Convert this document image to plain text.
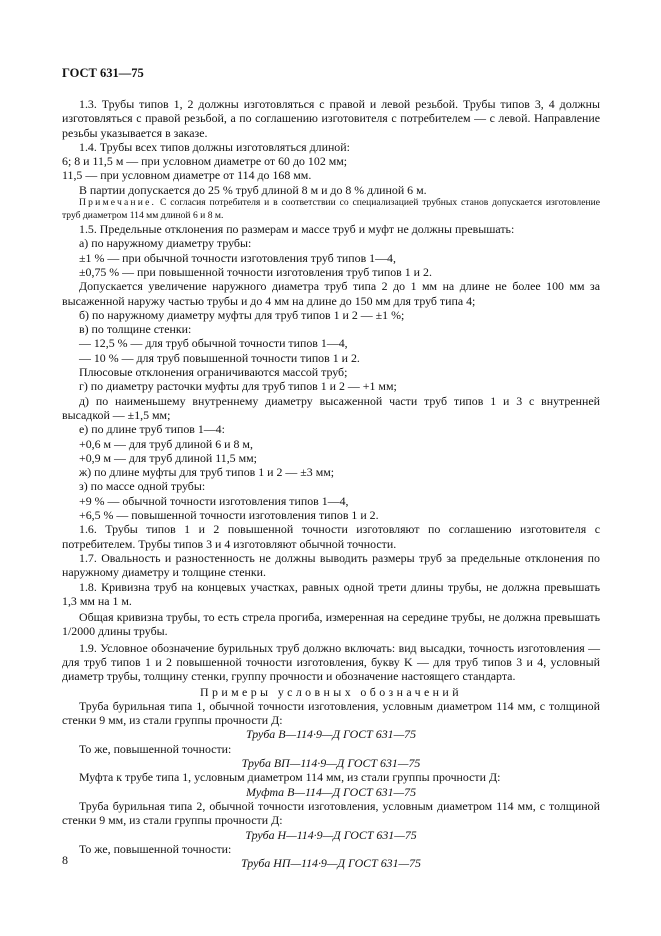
ГОСТ 631—75

1.3. Трубы типов 1, 2 должны изготовляться с правой и левой резьбой. Трубы типов 3, 4 должны изготовляться с правой резьбой, а по соглашению изготовителя с потребителем — с левой. Направление резьбы указывается в заказе.

1.4. Трубы всех типов должны изготовляться длиной:

6; 8 и 11,5 м — при условном диаметре от 60 до 102 мм;

11,5 — при условном диаметре от 114 до 168 мм.

В партии допускается до 25 % труб длиной 8 м и до 8 % длиной 6 м.

Примечание. С согласия потребителя и в соответствии со специализацией трубных станов допускается изготовление труб диаметром 114 мм длиной 6 и 8 м.

1.5. Предельные отклонения по размерам и массе труб и муфт не должны превышать:

а) по наружному диаметру трубы:

±1 % — при обычной точности изготовления труб типов 1—4,

±0,75 % — при повышенной точности изготовления труб типов 1 и 2.

Допускается увеличение наружного диаметра труб типа 2 до 1 мм на длине не более 100 мм за высаженной наружу частью трубы и до 4 мм на длине до 150 мм для труб типа 4;

б) по наружному диаметру муфты для труб типов 1 и 2 — ±1 %;

в) по толщине стенки:

— 12,5 % — для труб обычной точности типов 1—4,

— 10 % — для труб повышенной точности типов 1 и 2.

Плюсовые отклонения ограничиваются массой труб;

г) по диаметру расточки муфты для труб типов 1 и 2 — +1 мм;

д) по наименьшему внутреннему диаметру высаженной части труб типов 1 и 3 с внутренней высадкой — ±1,5 мм;

е) по длине труб типов 1—4:

+0,6 м — для труб длиной 6 и 8 м,

+0,9 м — для труб длиной 11,5 мм;

ж) по длине муфты для труб типов 1 и 2 — ±3 мм;

з) по массе одной трубы:

+9 % — обычной точности изготовления типов 1—4,

+6,5 % — повышенной точности изготовления типов 1 и 2.

1.6. Трубы типов 1 и 2 повышенной точности изготовляют по соглашению изготовителя с потребителем. Трубы типов 3 и 4 изготовляют обычной точности.

1.7. Овальность и разностенность не должны выводить размеры труб за предельные отклонения по наружному диаметру и толщине стенки.

1.8. Кривизна труб на концевых участках, равных одной трети длины трубы, не должна превышать 1,3 мм на 1 м.

Общая кривизна трубы, то есть стрела прогиба, измеренная на середине трубы, не должна превышать 1/2000 длины трубы.

1.9. Условное обозначение бурильных труб должно включать: вид высадки, точность изготовления — для труб типов 1 и 2 повышенной точности изготовления, букву K — для труб типов 3 и 4, условный диаметр трубы, толщину стенки, группу прочности и обозначение настоящего стандарта.

Примеры условных обозначений

Труба бурильная типа 1, обычной точности изготовления, условным диаметром 114 мм, с толщиной стенки 9 мм, из стали группы прочности Д:

Труба В—114·9—Д ГОСТ 631—75

То же, повышенной точности:

Труба ВП—114·9—Д ГОСТ 631—75

Муфта к трубе типа 1, условным диаметром 114 мм, из стали группы прочности Д:

Муфта В—114—Д ГОСТ 631—75

Труба бурильная типа 2, обычной точности изготовления, условным диаметром 114 мм, с толщиной стенки 9 мм, из стали группы прочности Д:

Труба Н—114·9—Д ГОСТ 631—75

То же, повышенной точности:

Труба НП—114·9—Д ГОСТ 631—75

8
